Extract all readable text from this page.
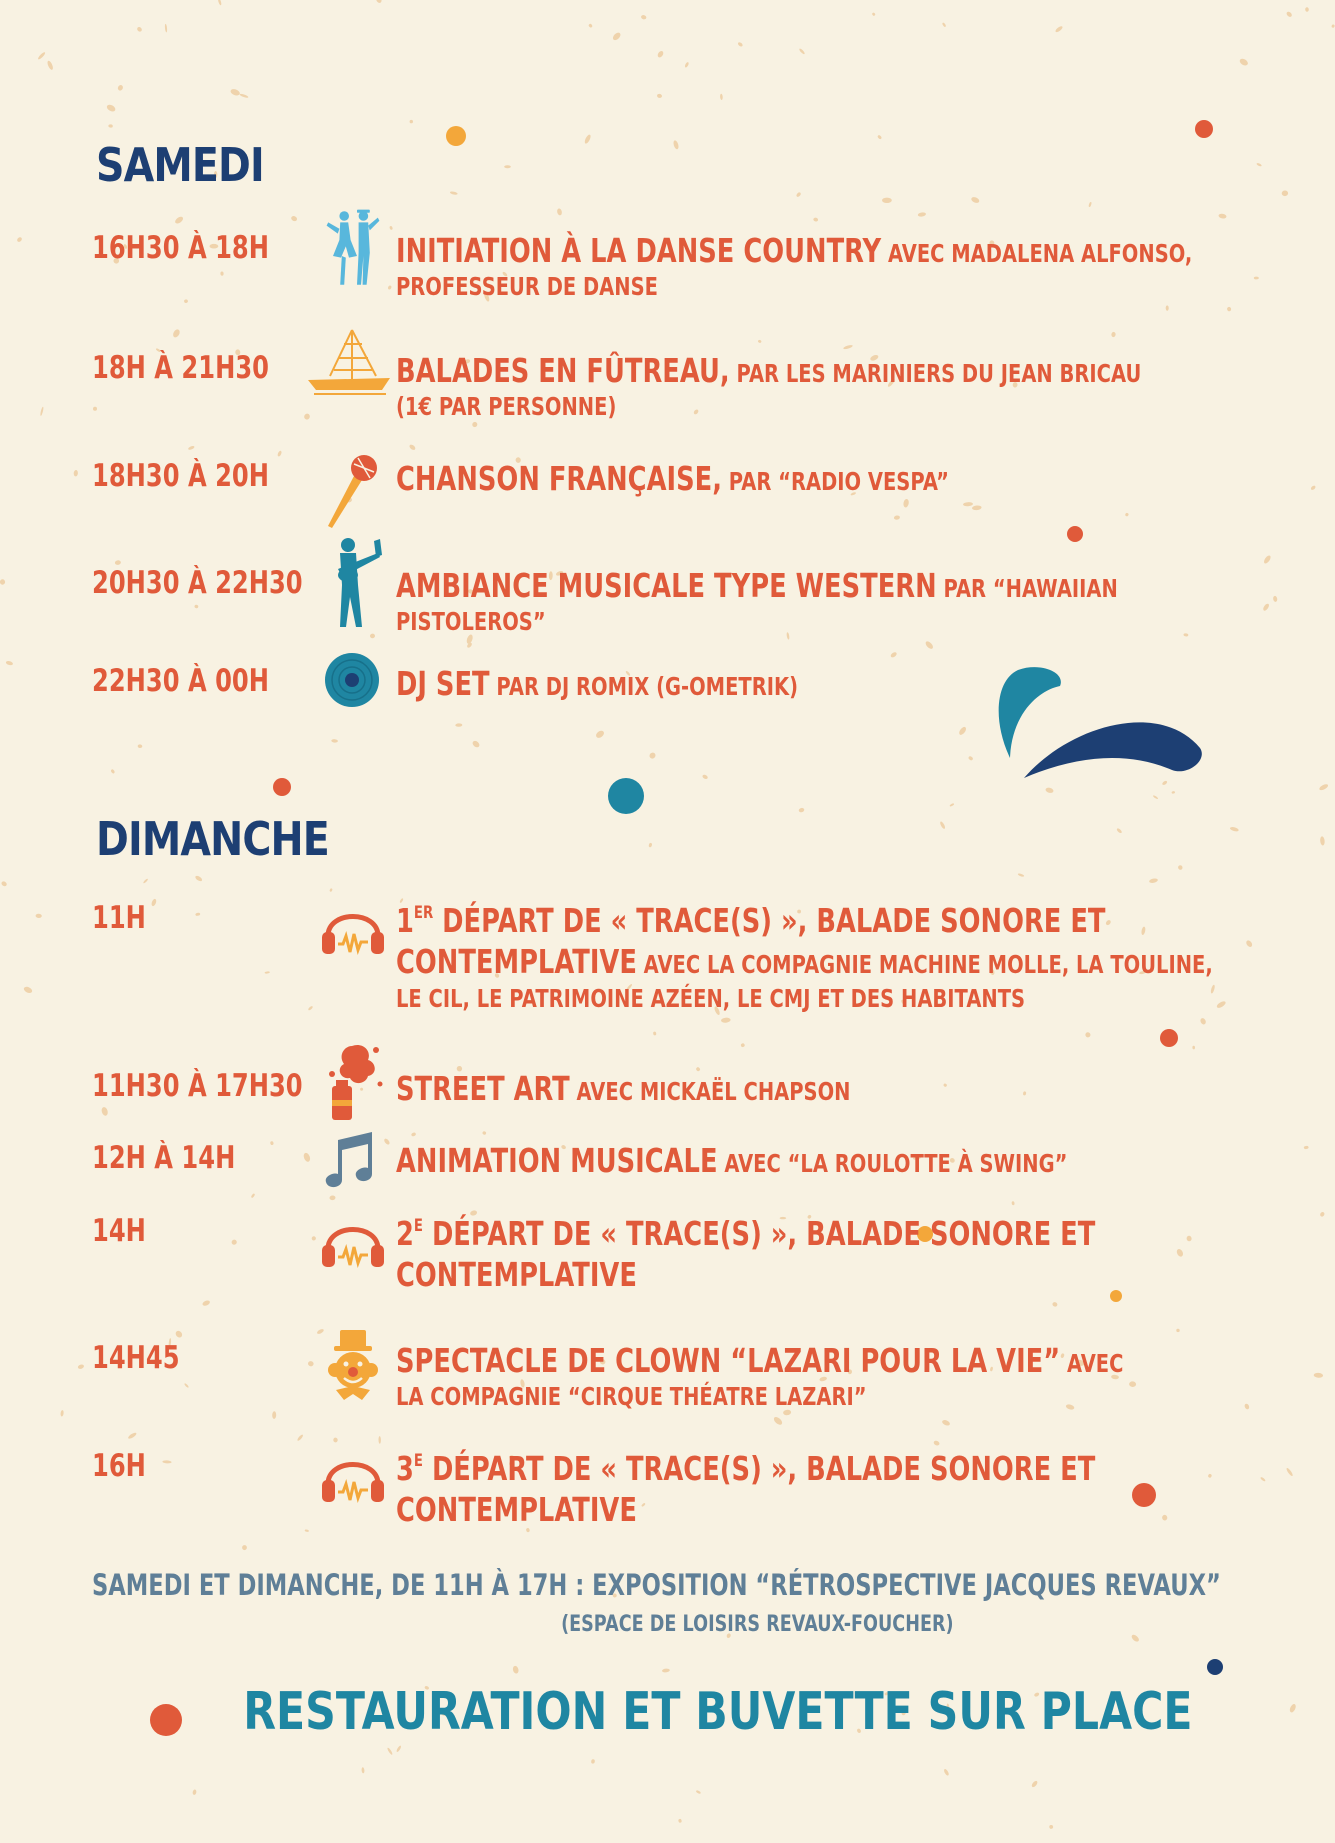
SAMEDI
16H30 À 18H	INITIATION À LA DANSE COUNTRY AVEC MADALENA ALFONSO,
PROFESSEUR DE DANSE
18H À 21H30	BALADES EN FÛTREAU, PAR LES MARINIERS DU JEAN BRICAU
(1€ PAR PERSONNE)
18H30 À 20H	CHANSON FRANÇAISE, PAR “RADIO VESPA”
20H30 À 22H30	AMBIANCE MUSICALE TYPE WESTERN PAR “HAWAIIAN PISTOLEROS”
22H30 À 00H	DJ SET PAR DJ ROMIX (G-OMETRIK)
DIMANCHE
11H	1ER DÉPART DE « TRACE(S) », BALADE SONORE ET
CONTEMPLATIVE AVEC LA COMPAGNIE MACHINE MOLLE, LA TOULINE,
LE CIL, LE PATRIMOINE AZÉEN, LE CMJ ET DES HABITANTS
11H30 À 17H30	STREET ART AVEC MICKAËL CHAPSON
12H À 14H	ANIMATION MUSICALE AVEC “LA ROULOTTE À SWING”
14H	$2^E$ DÉPART DE « TRACE(S) », BALADE SONORE ET
CONTEMPLATIVE
14H45	SPECTACLE DE CLOWN “LAZARI POUR LA VIE” AVEC
LA COMPAGNIE “CIRQUE THÉATRE LAZARI”
16H	$3^E$ DÉPART DE « TRACE(S) », BALADE SONORE ET
CONTEMPLATIVE
SAMEDI ET DIMANCHE, DE 11H À 17H : EXPOSITION “RÉTROSPECTIVE JACQUES REVAUX”
(ESPACE DE LOISIRS REVAUX-FOUCHER)
RESTAURATION ET BUVETTE SUR PLACE
